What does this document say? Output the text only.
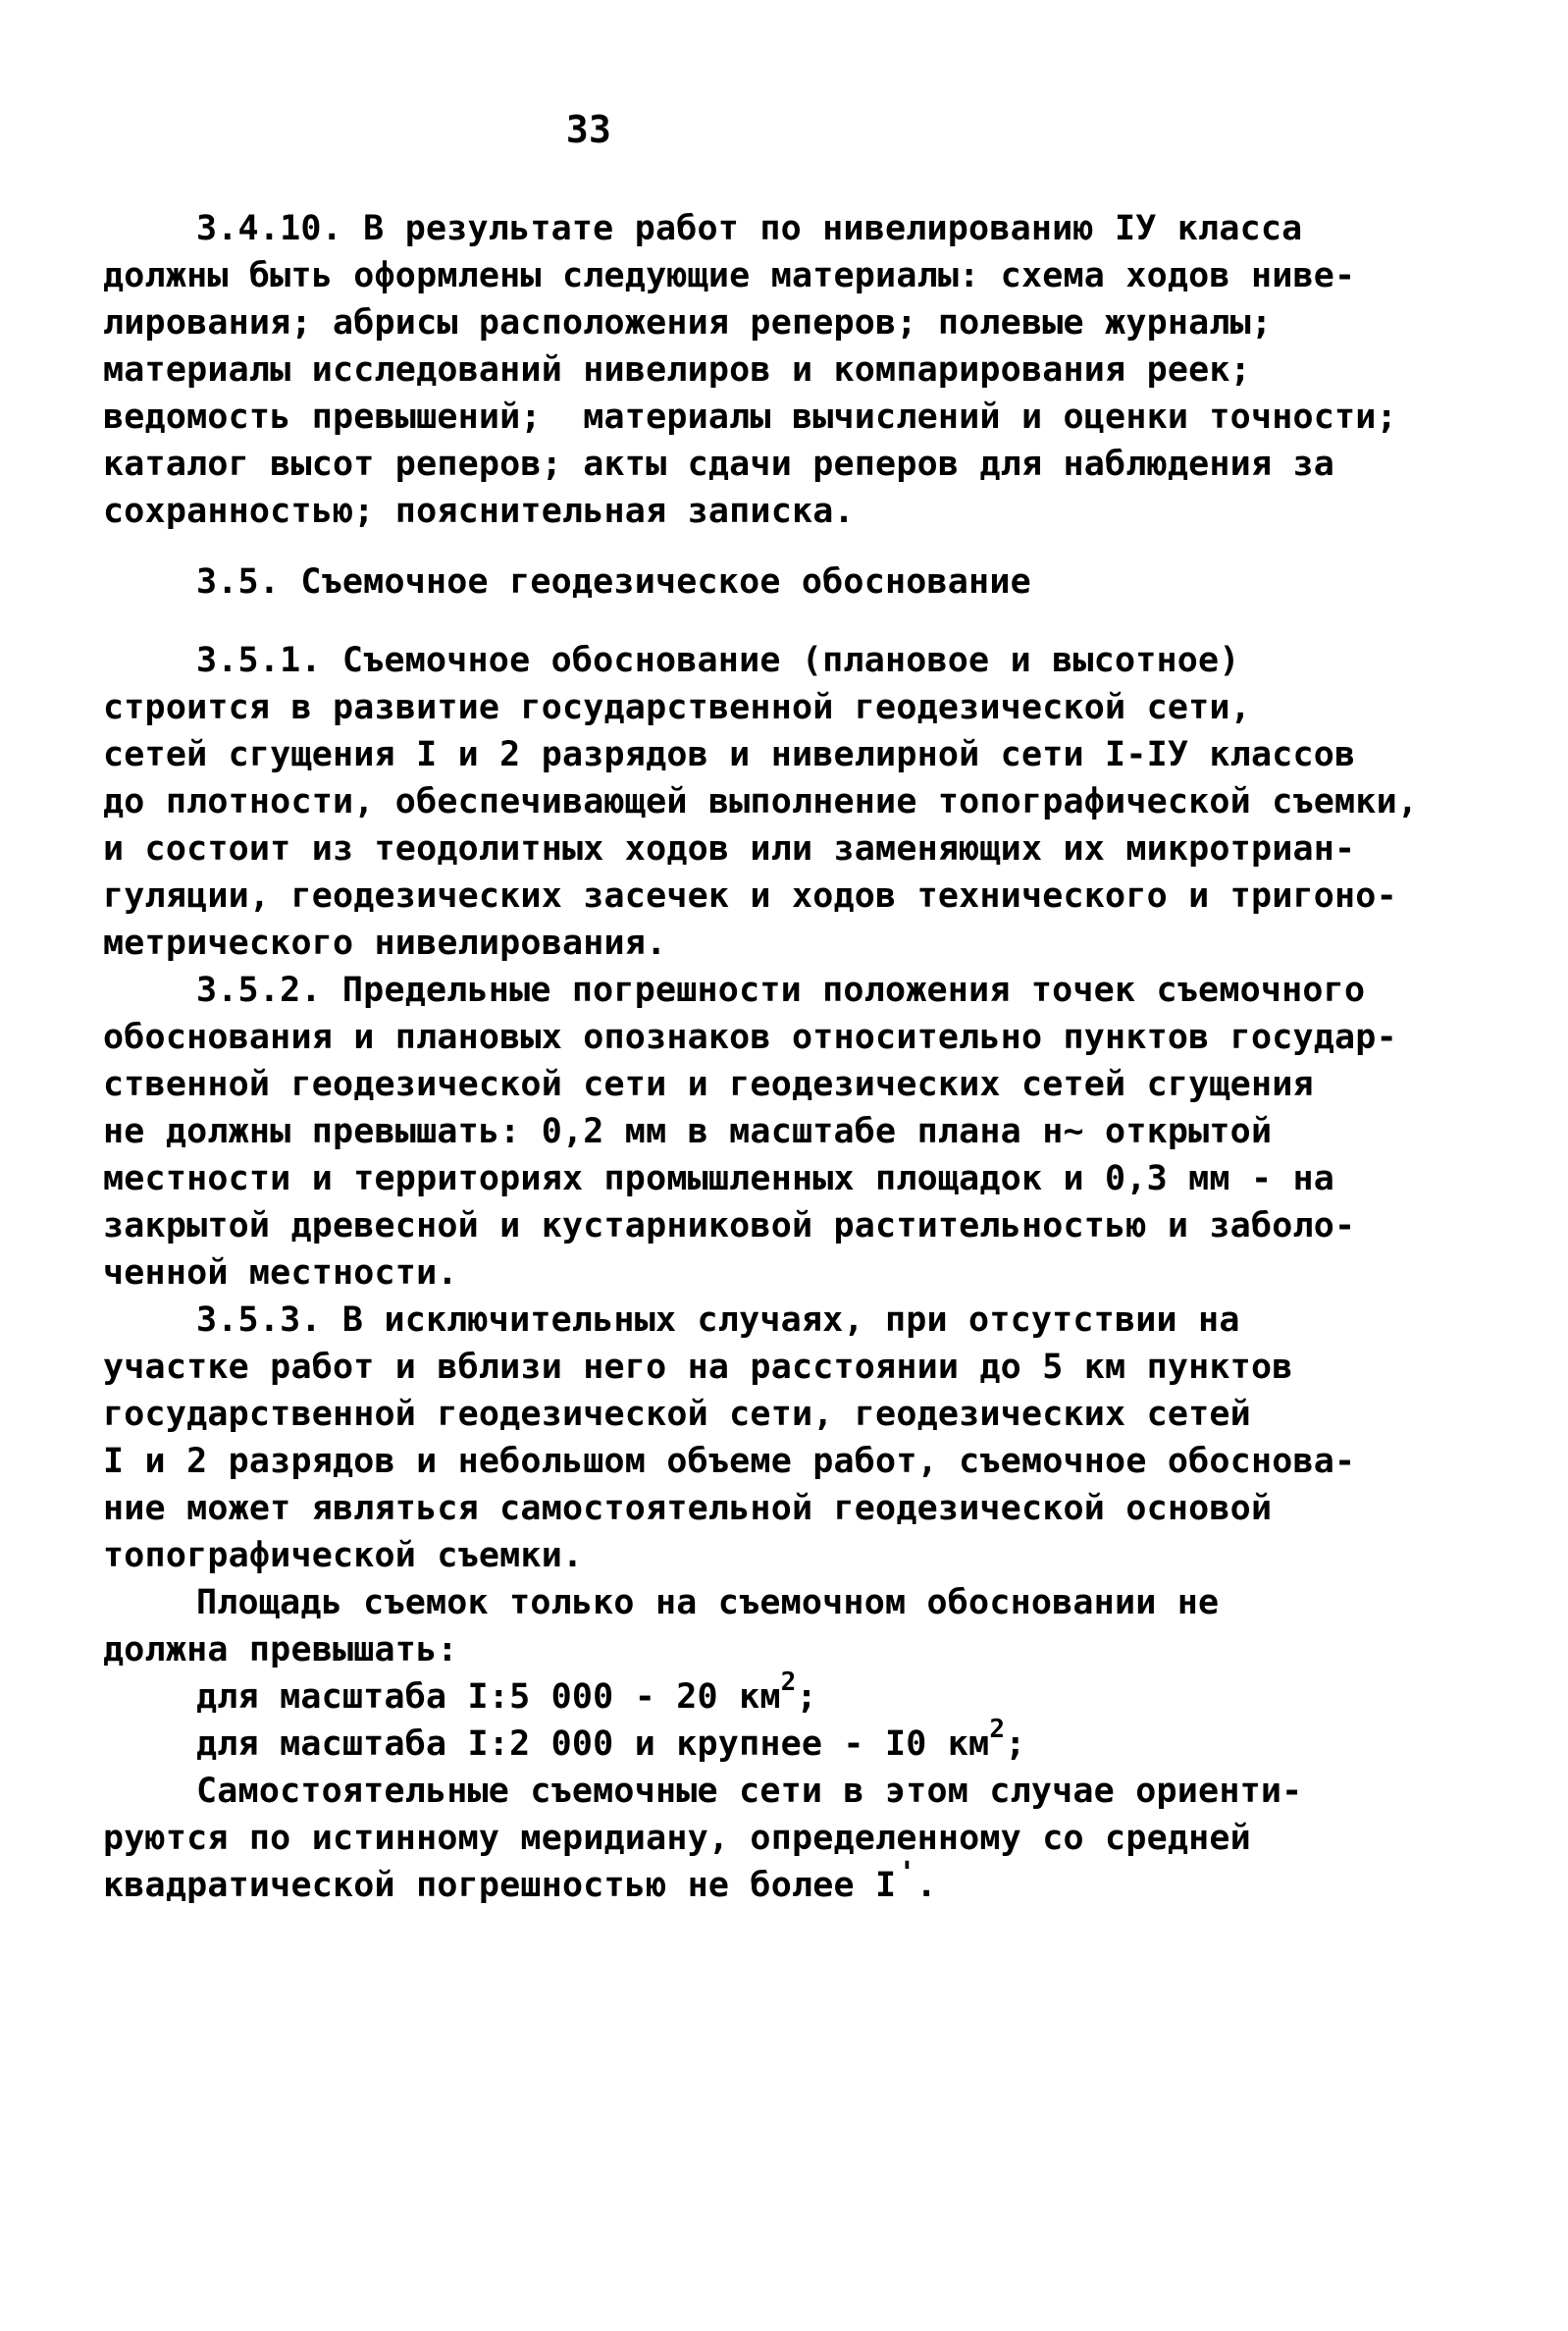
33
3.4.10. В результате работ по нивелированию IУ класса
должны быть оформлены следующие материалы: схема ходов ниве-
лирования; абрисы расположения реперов; полевые журналы;
материалы исследований нивелиров и компарирования реек;
ведомость превышений;  материалы вычислений и оценки точности;
каталог высот реперов; акты сдачи реперов для наблюдения за
сохранностью; пояснительная записка.
3.5. Съемочное геодезическое обоснование
3.5.1. Съемочное обоснование (плановое и высотное)
строится в развитие государственной геодезической сети,
сетей сгущения I и 2 разрядов и нивелирной сети I-IУ классов
до плотности, обеспечивающей выполнение топографической съемки,
и состоит из теодолитных ходов или заменяющих их микротриан-
гуляции, геодезических засечек и ходов технического и тригоно-
метрического нивелирования.
3.5.2. Предельные погрешности положения точек съемочного
обоснования и плановых опознаков относительно пунктов государ-
ственной геодезической сети и геодезических сетей сгущения
не должны превышать: 0,2 мм в масштабе плана н~ открытой
местности и территориях промышленных площадок и 0,3 мм - на
закрытой древесной и кустарниковой растительностью и заболо-
ченной местности.
3.5.3. В исключительных случаях, при отсутствии на
участке работ и вблизи него на расстоянии до 5 км пунктов
государственной геодезической сети, геодезических сетей
I и 2 разрядов и небольшом объеме работ, съемочное обоснова-
ние может являться самостоятельной геодезической основой
топографической съемки.
Площадь съемок только на съемочном обосновании не
должна превышать:
для масштаба I:5 000 - 20 $км^2$;
для масштаба I:2 000 и крупнее - I0 $км^2$;
Самостоятельные съемочные сети в этом случае ориенти-
руются по истинному меридиану, определенному со средней
квадратической погрешностью не более I'.
